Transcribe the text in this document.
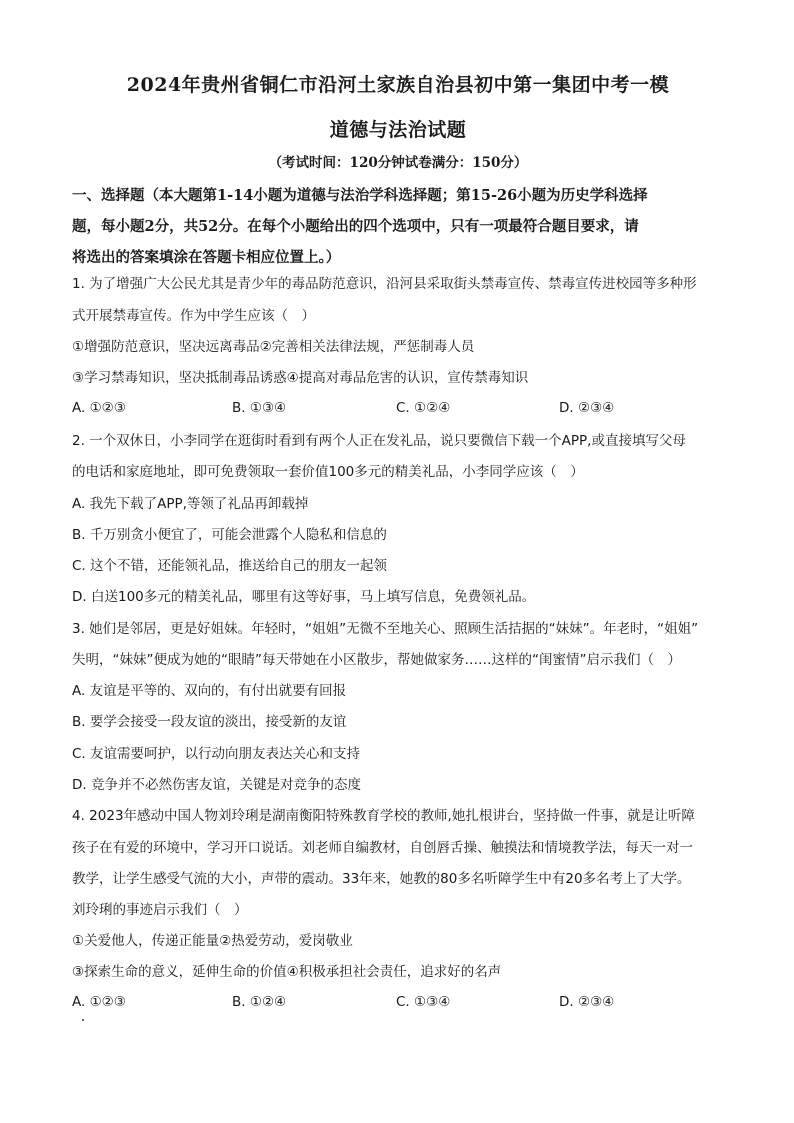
2024年贵州省铜仁市沿河土家族自治县初中第一集团中考一模
道德与法治试题
（考试时间：120分钟试卷满分：150分）
一、选择题（本大题第1-14小题为道德与法治学科选择题；第15-26小题为历史学科选择
题，每小题2分，共52分。在每个小题给出的四个选项中，只有一项最符合题目要求，请
将选出的答案填涂在答题卡相应位置上。）
1. 为了增强广大公民尤其是青少年的毒品防范意识，沿河县采取街头禁毒宣传、禁毒宣传进校园等多种形
式开展禁毒宣传。作为中学生应该（　）
①增强防范意识，坚决远离毒品②完善相关法律法规，严惩制毒人员
③学习禁毒知识，坚决抵制毒品诱惑④提高对毒品危害的认识，宣传禁毒知识
A. ①②③	B. ①③④	C. ①②④	D. ②③④
2. 一个双休日，小李同学在逛街时看到有两个人正在发礼品，说只要微信下载一个APP,或直接填写父母
的电话和家庭地址，即可免费领取一套价值100多元的精美礼品，小李同学应该（　）
A. 我先下载了APP,等领了礼品再卸载掉
B. 千万别贪小便宜了，可能会泄露个人隐私和信息的
C. 这个不错，还能领礼品，推送给自己的朋友一起领
D. 白送100多元的精美礼品，哪里有这等好事，马上填写信息，免费领礼品。
3. 她们是邻居，更是好姐妹。年轻时，“姐姐”无微不至地关心、照顾生活拮据的“妹妹”。年老时，“姐姐”
失明，“妹妹”便成为她的“眼睛”每天带她在小区散步，帮她做家务……这样的“闺蜜情”启示我们（　）
A. 友谊是平等的、双向的，有付出就要有回报
B. 要学会接受一段友谊的淡出，接受新的友谊
C. 友谊需要呵护，以行动向朋友表达关心和支持
D. 竞争并不必然伤害友谊，关键是对竞争的态度
4. 2023年感动中国人物刘玲琍是湖南衡阳特殊教育学校的教师,她扎根讲台，坚持做一件事，就是让听障
孩子在有爱的环境中，学习开口说话。刘老师自编教材，自创唇舌操、触摸法和情境教学法，每天一对一
教学，让学生感受气流的大小，声带的震动。33年来，她教的80多名听障学生中有20多名考上了大学。
刘玲琍的事迹启示我们（　）
①关爱他人，传递正能量②热爱劳动，爱岗敬业
③探索生命的意义，延伸生命的价值④积极承担社会责任，追求好的名声
A. ①②③	B. ①②④	C. ①③④	D. ②③④
